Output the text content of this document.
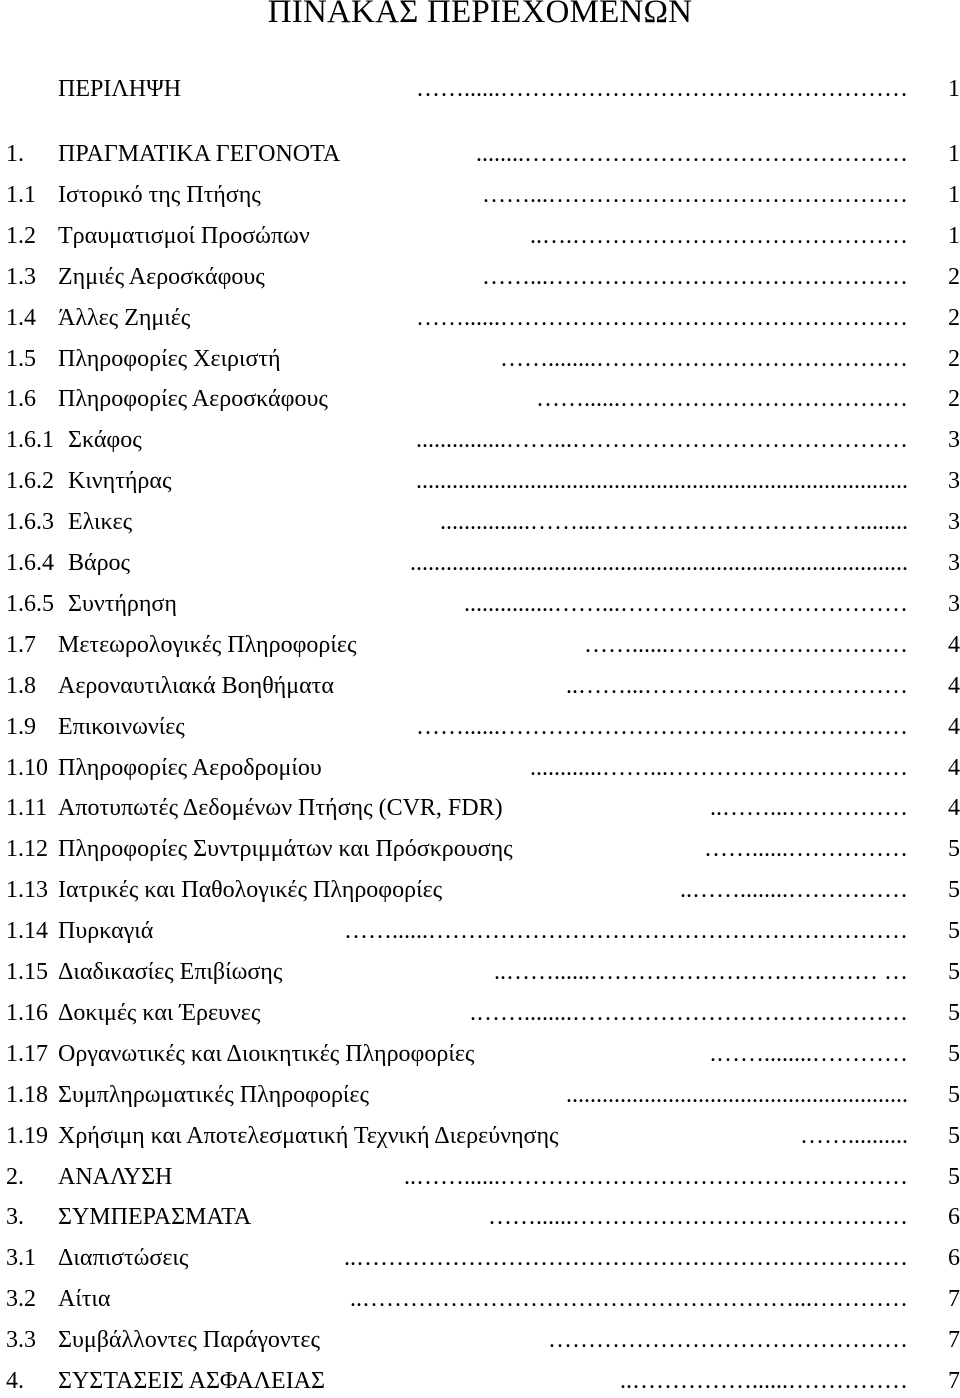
ΠΙΝΑΚΑΣ ΠΕΡΙΕΧΟΜΕΝΩΝ
ΠΕΡΙΛΗΨΗ	……………………………………………......……	1
1. ΠΡΑΓΜΑΤΙΚΑ ΓΕΓΟΝΟΤΑ	…………………………………………........	1
1.1 Ιστορικό της Πτήσης	………………………………………...……	1
1.2 Τραυματισμοί Προσώπων	…………………………………….…..	1
1.3 Ζημιές Αεροσκάφους	………………………………………...……	2
1.4 Άλλες Ζημιές	……………………………………………......……	2
1.5 Πληροφορίες Χειριστή	…………………………………........……	2
1.6 Πληροφορίες Αεροσκάφους	………………………………......……	2
1.6.1 Σκάφος	……………………………………...……...............	3
1.6.2 Κινητήρας	..................................................................................	3
1.6.3 Ελικες	........……………………………...……...............	3
1.6.4 Βάρος	...................................................................................	3
1.6.5 Συντήρηση	………………………………...……...............	3
1.7 Μετεωρολογικές Πληροφορίες	…………………………......……	4
1.8 Αεροναυτιλιακά Βοηθήματα	……………………………...……..	4
1.9 Επικοινωνίες	……………………………………………......……	4
1.10 Πληροφορίες Αεροδρομίου	…………………………...……............	4
1.11 Αποτυπωτές Δεδομένων Πτήσης (CVR, FDR)	……………...……..	4
1.12 Πληροφορίες Συντριμμάτων και Πρόσκρουσης	……………......……	5
1.13 Ιατρικές και Παθολογικές Πληροφορίες	……………........……..	5
1.14 Πυρκαγιά	……………………………………………………......……	5
1.15 Διαδικασίες Επιβίωσης	… ………………………………......……..	5
1.16 Δοκιμές και Έρευνες	……………………………………........…….	5
1.17 Οργανωτικές και Διοικητικές Πληροφορίες	…………........…….	5
1.18 Συμπληρωματικές Πληροφορίες	.........................................................	5
1.19 Χρήσιμη και Αποτελεσματική Τεχνική Διερεύνησης	..........……	5
2. ΑΝΑΛΥΣΗ	……………………………………………......……..	5
3. ΣΥΜΠΕΡΑΣΜΑΤΑ	……………………………………......……	6
3.1 Διαπιστώσεις	……………………………………………………………..	6
3.2 Αίτια	…………...………………………………………………..	7
3.3 Συμβάλλοντες Παράγοντες	………………………………………	7
4. ΣΥΣΤΑΣΕΙΣ ΑΣΦΑΛΕΙΑΣ	……………......……………..	7
